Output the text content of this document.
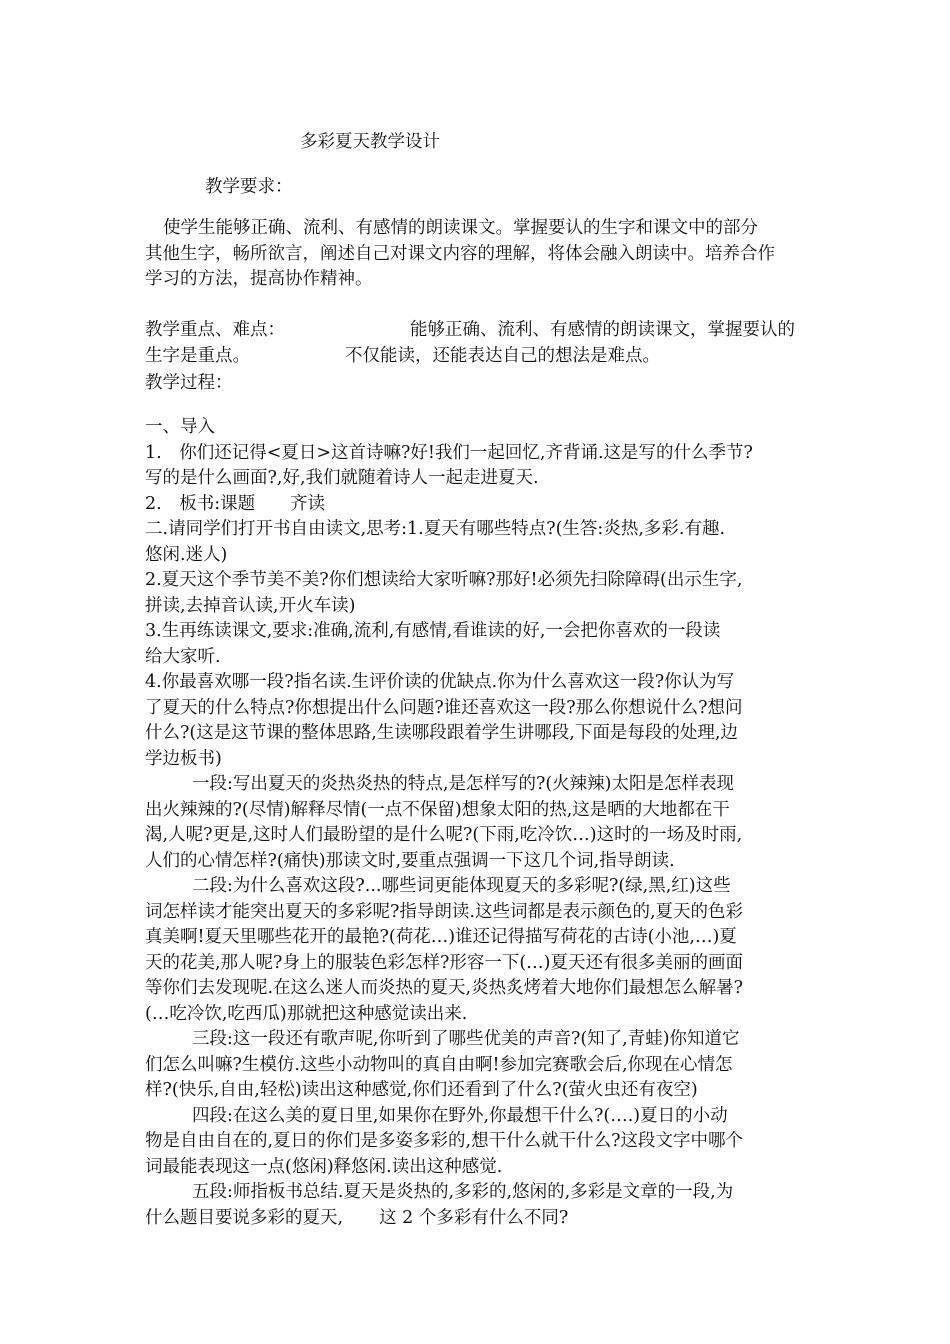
多彩夏天教学设计
教学要求：
使学生能够正确、流利、有感情的朗读课文。掌握要认的生字和课文中的部分
其他生字，畅所欲言，阐述自己对课文内容的理解，将体会融入朗读中。培养合作
学习的方法，提高协作精神。
教学重点、难点：	能够正确、流利、有感情的朗读课文，掌握要认的
生字是重点。	不仅能读，还能表达自己的想法是难点。
教学过程：
一、导入
1.　你们还记得<夏日>这首诗嘛?好!我们一起回忆,齐背诵.这是写的什么季节?
写的是什么画面?,好,我们就随着诗人一起走进夏天.
2.　板书:课题　　齐读
二.请同学们打开书自由读文,思考:1.夏天有哪些特点?(生答:炎热,多彩.有趣.
悠闲.迷人)
2.夏天这个季节美不美?你们想读给大家听嘛?那好!必须先扫除障碍(出示生字,
拼读,去掉音认读,开火车读)
3.生再练读课文,要求:准确,流利,有感情,看谁读的好,一会把你喜欢的一段读
给大家听.
4.你最喜欢哪一段?指名读.生评价读的优缺点.你为什么喜欢这一段?你认为写
了夏天的什么特点?你想提出什么问题?谁还喜欢这一段?那么你想说什么?想问
什么?(这是这节课的整体思路,生读哪段跟着学生讲哪段,下面是每段的处理,边
学边板书)
一段:写出夏天的炎热炎热的特点,是怎样写的?(火辣辣)太阳是怎样表现
出火辣辣的?(尽情)解释尽情(一点不保留)想象太阳的热,这是晒的大地都在干
渴,人呢?更是,这时人们最盼望的是什么呢?(下雨,吃冷饮…)这时的一场及时雨,
人们的心情怎样?(痛快)那读文时,要重点强调一下这几个词,指导朗读.
二段:为什么喜欢这段?...哪些词更能体现夏天的多彩呢?(绿,黑,红)这些
词怎样读才能突出夏天的多彩呢?指导朗读.这些词都是表示颜色的,夏天的色彩
真美啊!夏天里哪些花开的最艳?(荷花…)谁还记得描写荷花的古诗(小池,…)夏
天的花美,那人呢?身上的服装色彩怎样?形容一下(…)夏天还有很多美丽的画面
等你们去发现呢.在这么迷人而炎热的夏天,炎热炙烤着大地你们最想怎么解暑?
(…吃冷饮,吃西瓜)那就把这种感觉读出来.
三段:这一段还有歌声呢,你听到了哪些优美的声音?(知了,青蛙)你知道它
们怎么叫嘛?生模仿.这些小动物叫的真自由啊!参加完赛歌会后,你现在心情怎
样?(快乐,自由,轻松)读出这种感觉,你们还看到了什么?(萤火虫还有夜空)
四段:在这么美的夏日里,如果你在野外,你最想干什么?(….)夏日的小动
物是自由自在的,夏日的你们是多姿多彩的,想干什么就干什么?这段文字中哪个
词最能表现这一点(悠闲)释悠闲.读出这种感觉.
五段:师指板书总结.夏天是炎热的,多彩的,悠闲的,多彩是文章的一段,为
什么题目要说多彩的夏天, 这 2 个多彩有什么不同?
